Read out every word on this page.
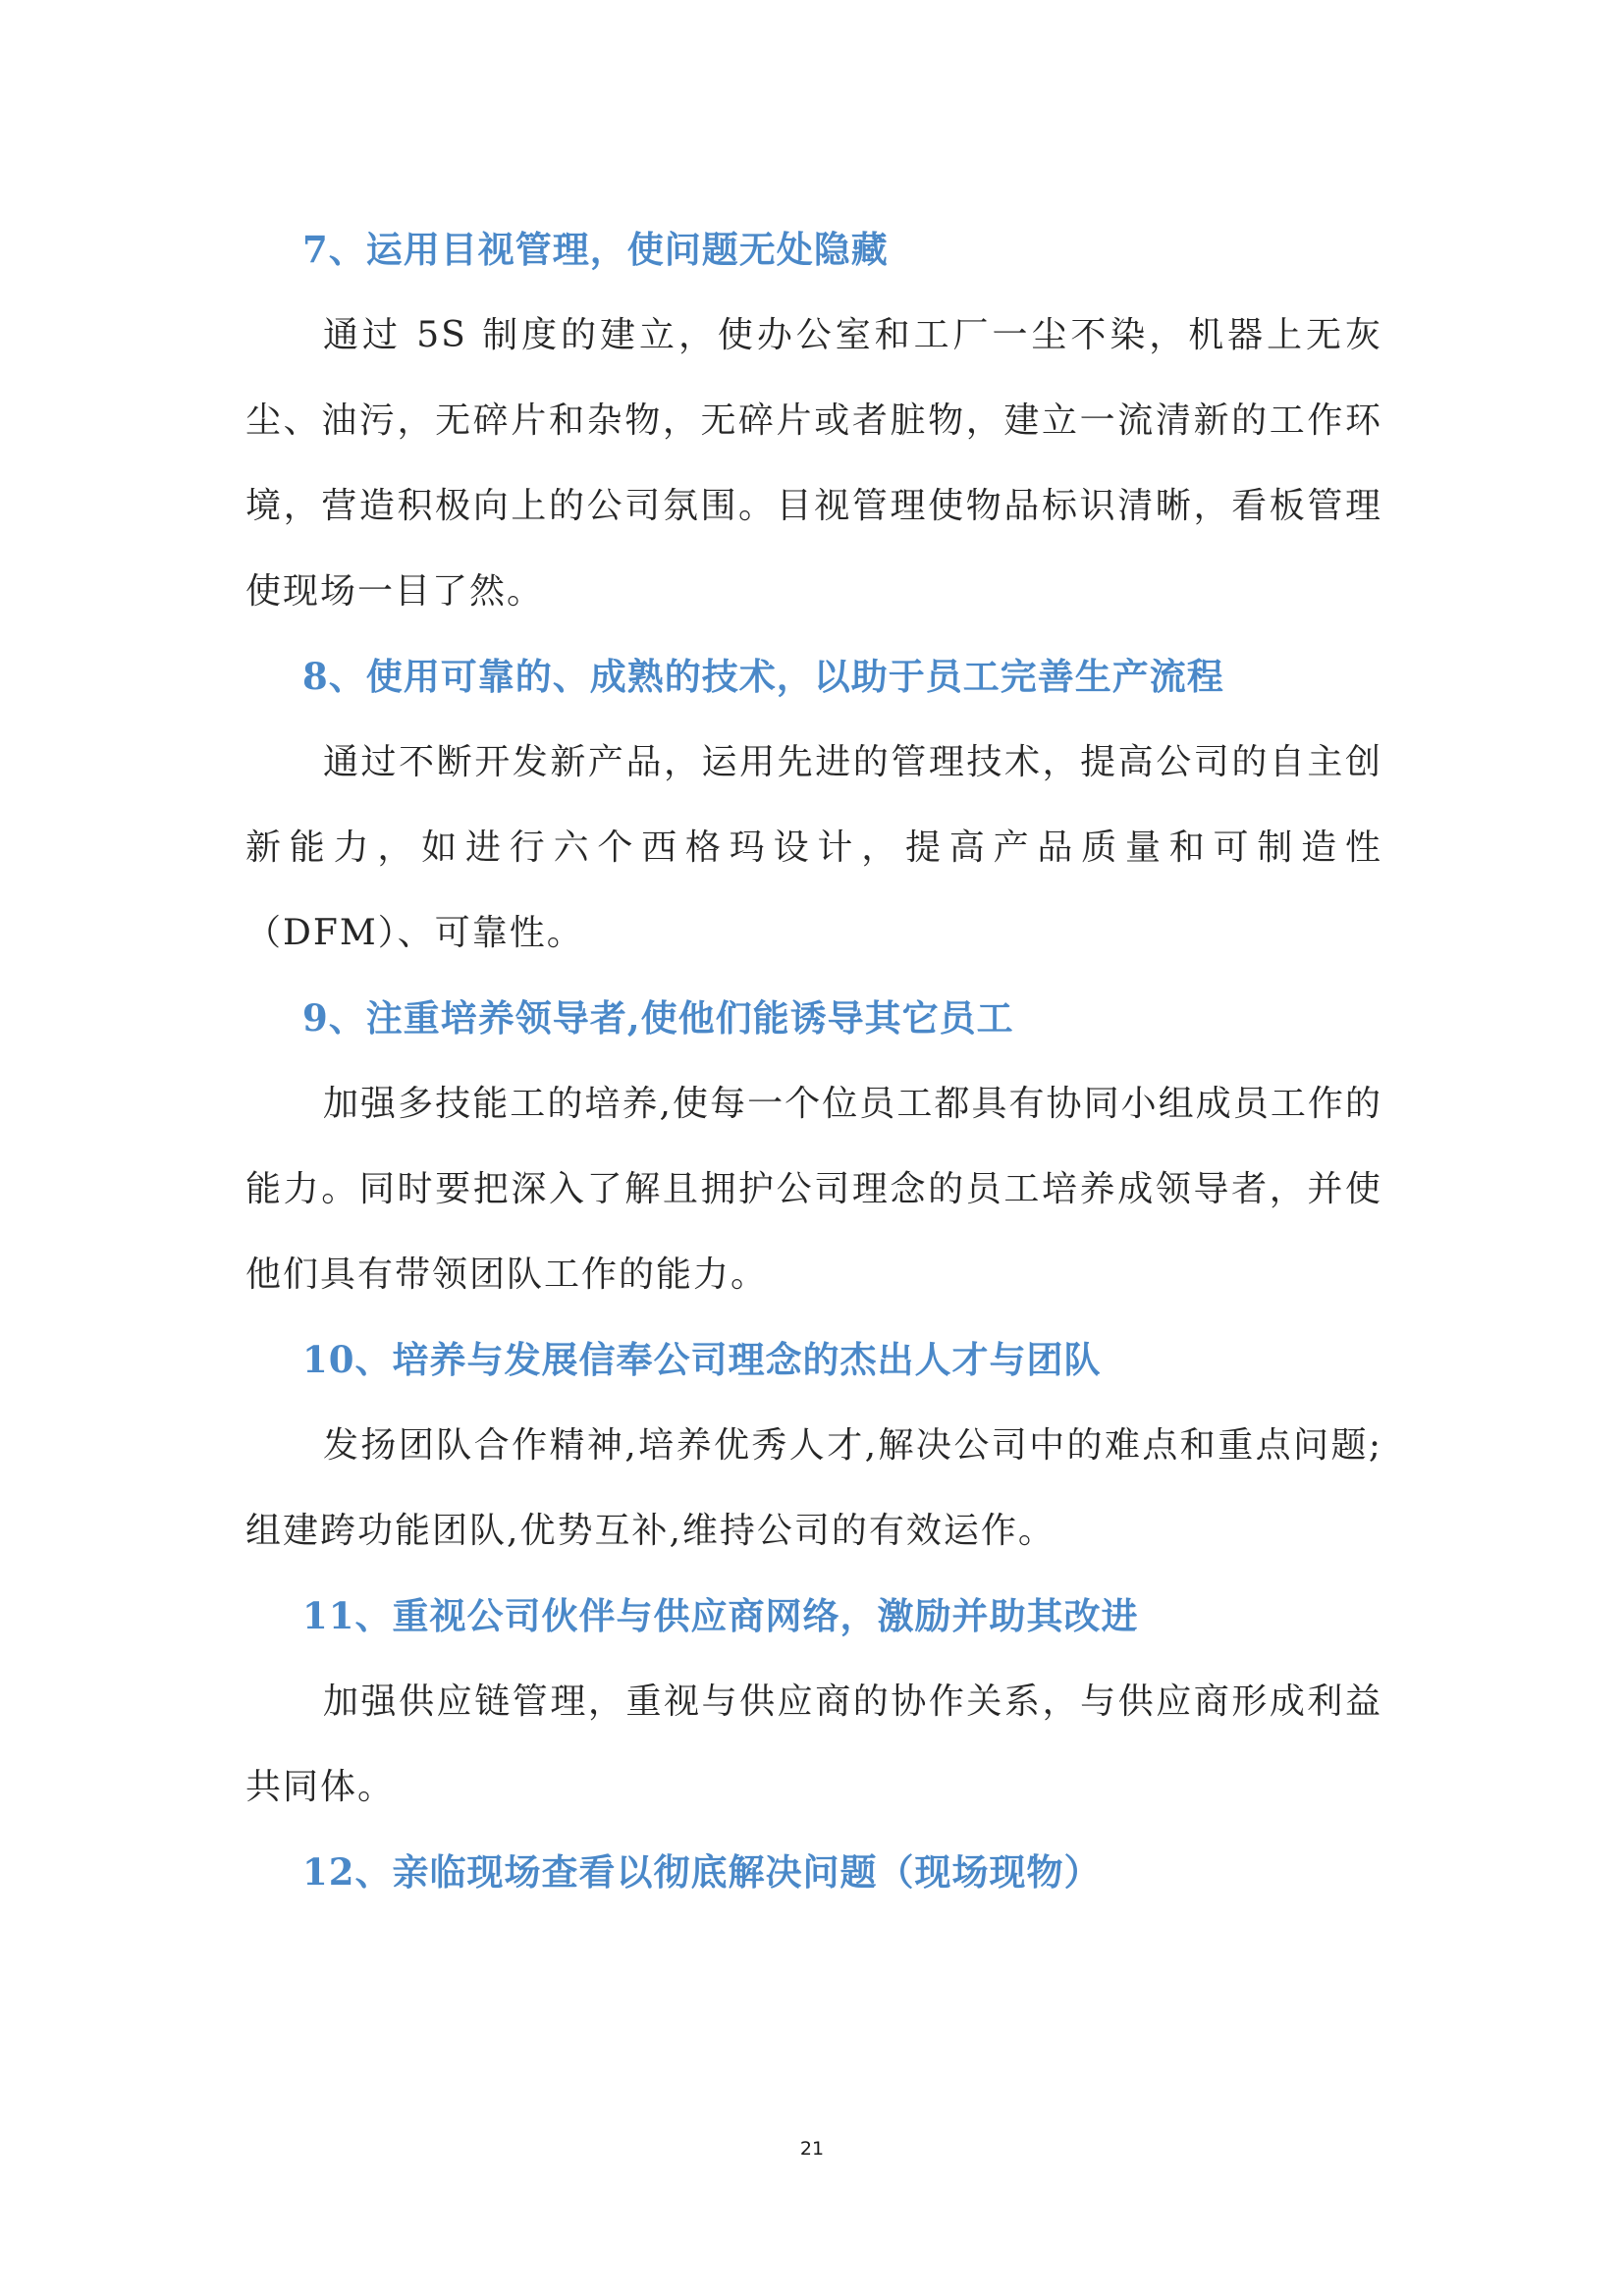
7、运用目视管理，使问题无处隐藏

通过 5S 制度的建立，使办公室和工厂一尘不染，机器上无灰尘、油污，无碎片和杂物，无碎片或者脏物，建立一流清新的工作环境，营造积极向上的公司氛围。目视管理使物品标识清晰，看板管理使现场一目了然。

8、使用可靠的、成熟的技术，以助于员工完善生产流程

通过不断开发新产品，运用先进的管理技术，提高公司的自主创新能力，如进行六个西格玛设计，提高产品质量和可制造性（DFM）、可靠性。

9、注重培养领导者,使他们能诱导其它员工

加强多技能工的培养,使每一个位员工都具有协同小组成员工作的能力。同时要把深入了解且拥护公司理念的员工培养成领导者，并使他们具有带领团队工作的能力。

10、培养与发展信奉公司理念的杰出人才与团队

发扬团队合作精神,培养优秀人才,解决公司中的难点和重点问题;组建跨功能团队,优势互补,维持公司的有效运作。

11、重视公司伙伴与供应商网络，激励并助其改进

加强供应链管理，重视与供应商的协作关系，与供应商形成利益共同体。

12、亲临现场查看以彻底解决问题（现场现物）
21
